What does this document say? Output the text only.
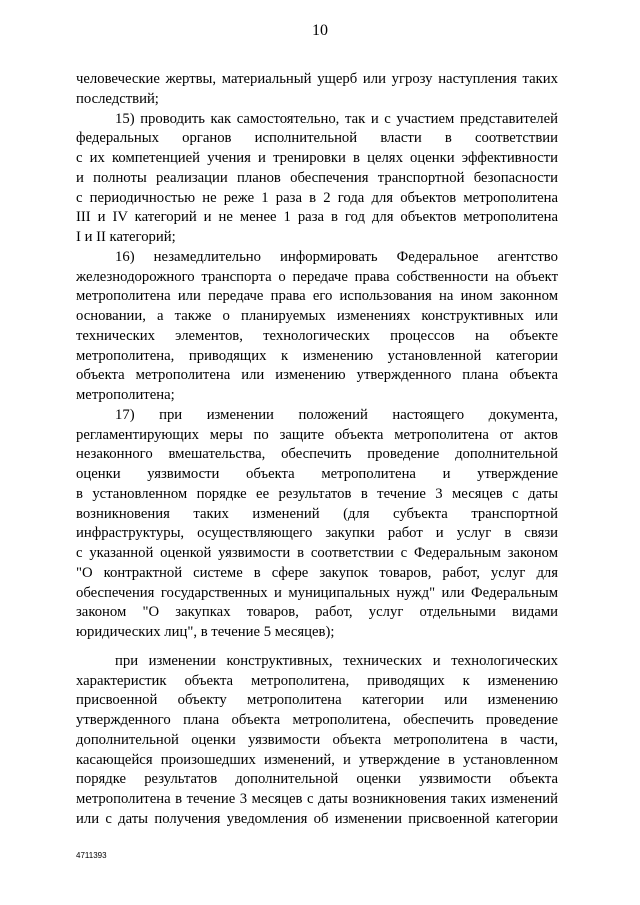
10
человеческие жертвы, материальный ущерб или угрозу наступления таких
последствий;
15) проводить как самостоятельно, так и с участием представителей
федеральных органов исполнительной власти в соответствии
с их компетенцией учения и тренировки в целях оценки эффективности
и полноты реализации планов обеспечения транспортной безопасности
с периодичностью не реже 1 раза в 2 года для объектов метрополитена
III и IV категорий и не менее 1 раза в год для объектов метрополитена
I и II категорий;
16) незамедлительно информировать Федеральное агентство
железнодорожного транспорта о передаче права собственности на объект
метрополитена или передаче права его использования на ином законном
основании, а также о планируемых изменениях конструктивных или
технических элементов, технологических процессов на объекте
метрополитена, приводящих к изменению установленной категории
объекта метрополитена или изменению утвержденного плана объекта
метрополитена;
17) при изменении положений настоящего документа,
регламентирующих меры по защите объекта метрополитена от актов
незаконного вмешательства, обеспечить проведение дополнительной
оценки уязвимости объекта метрополитена и утверждение
в установленном порядке ее результатов в течение 3 месяцев с даты
возникновения таких изменений (для субъекта транспортной
инфраструктуры, осуществляющего закупки работ и услуг в связи
с указанной оценкой уязвимости в соответствии с Федеральным законом
"О контрактной системе в сфере закупок товаров, работ, услуг для
обеспечения государственных и муниципальных нужд" или Федеральным
законом "О закупках товаров, работ, услуг отдельными видами
юридических лиц", в течение 5 месяцев);
при изменении конструктивных, технических и технологических
характеристик объекта метрополитена, приводящих к изменению
присвоенной объекту метрополитена категории или изменению
утвержденного плана объекта метрополитена, обеспечить проведение
дополнительной оценки уязвимости объекта метрополитена в части,
касающейся произошедших изменений, и утверждение в установленном
порядке результатов дополнительной оценки уязвимости объекта
метрополитена в течение 3 месяцев с даты возникновения таких изменений
или с даты получения уведомления об изменении присвоенной категории
4711393
